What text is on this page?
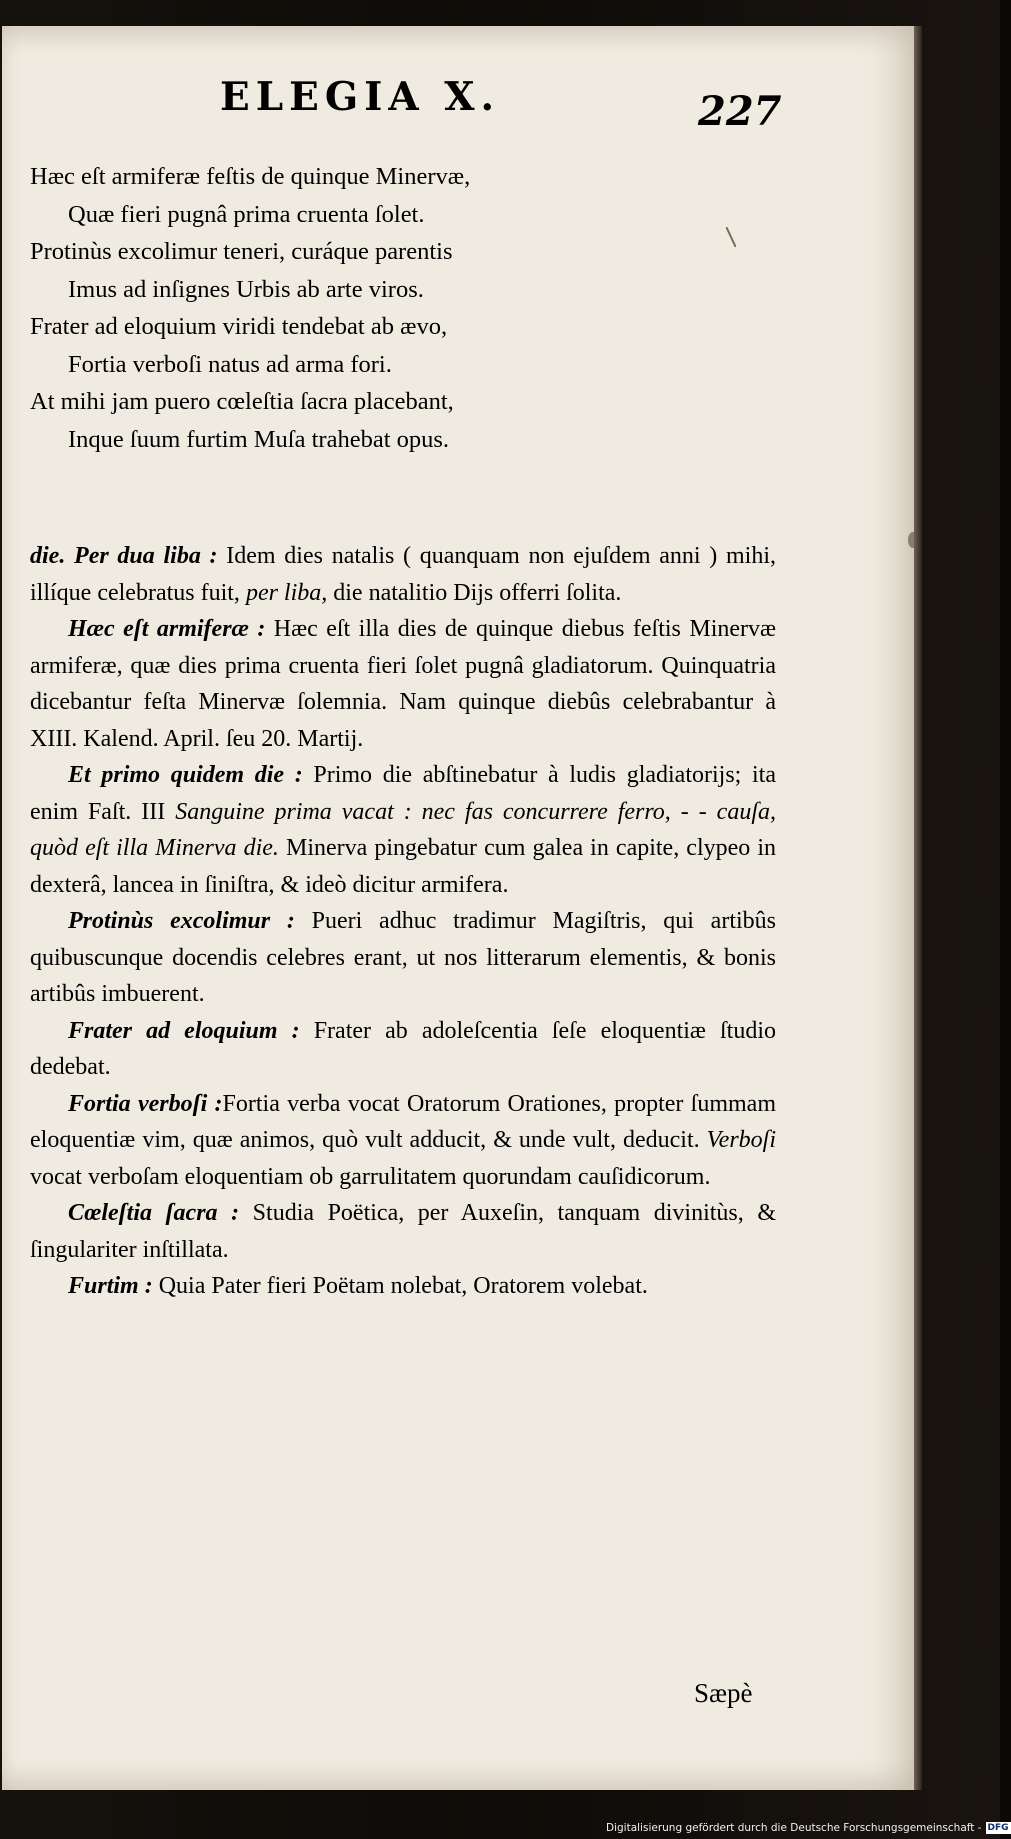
ELEGIA X.	227
Hæc eſt armiferæ feſtis de quinque Minervæ,
Quæ fieri pugnâ prima cruenta ſolet.
Protinùs excolimur teneri, curáque parentis
Imus ad inſignes Urbis ab arte viros.
Frater ad eloquium viridi tendebat ab ævo,
Fortia verboſi natus ad arma fori.
At mihi jam puero cœleſtia ſacra placebant,
Inque ſuum furtim Muſa trahebat opus.

die. Per dua liba : Idem dies natalis ( quanquam non ejuſdem anni ) mihi, illíque celebratus fuit, per liba, die natalitio Dijs offerri ſolita.

Hæc eſt armiferæ : Hæc eſt illa dies de quinque diebus feſtis Minervæ armiferæ, quæ dies prima cruenta fieri ſolet pugnâ gladiatorum. Quinquatria dicebantur feſta Minervæ ſolemnia. Nam quinque diebûs celebrabantur à XIII. Kalend. April. ſeu 20. Martij.

Et primo quidem die : Primo die abſtinebatur à ludis gladiatorijs; ita enim Faſt. III Sanguine prima vacat : nec fas concurrere ferro, - - cauſa, quòd eſt illa Minerva die. Minerva pingebatur cum galea in capite, clypeo in dexterâ, lancea in ſiniſtra, & ideò dicitur armifera.

Protinùs excolimur : Pueri adhuc tradimur Magiſtris, qui artibûs quibuscunque docendis celebres erant, ut nos litterarum elementis, & bonis artibûs imbuerent.

Frater ad eloquium : Frater ab adoleſcentia ſeſe eloquentiæ ſtudio dedebat.

Fortia verboſi :Fortia verba vocat Oratorum Orationes, propter ſummam eloquentiæ vim, quæ animos, quò vult adducit, & unde vult, deducit. Verboſi vocat verboſam eloquentiam ob garrulitatem quorundam cauſidicorum.

Cœleſtia ſacra : Studia Poëtica, per Auxeſin, tanquam divinitùs, & ſingulariter inſtillata.

Furtim : Quia Pater fieri Poëtam nolebat, Oratorem volebat.

Sæpè
Digitalisierung gefördert durch die Deutsche Forschungsgemeinschaft - DFG
